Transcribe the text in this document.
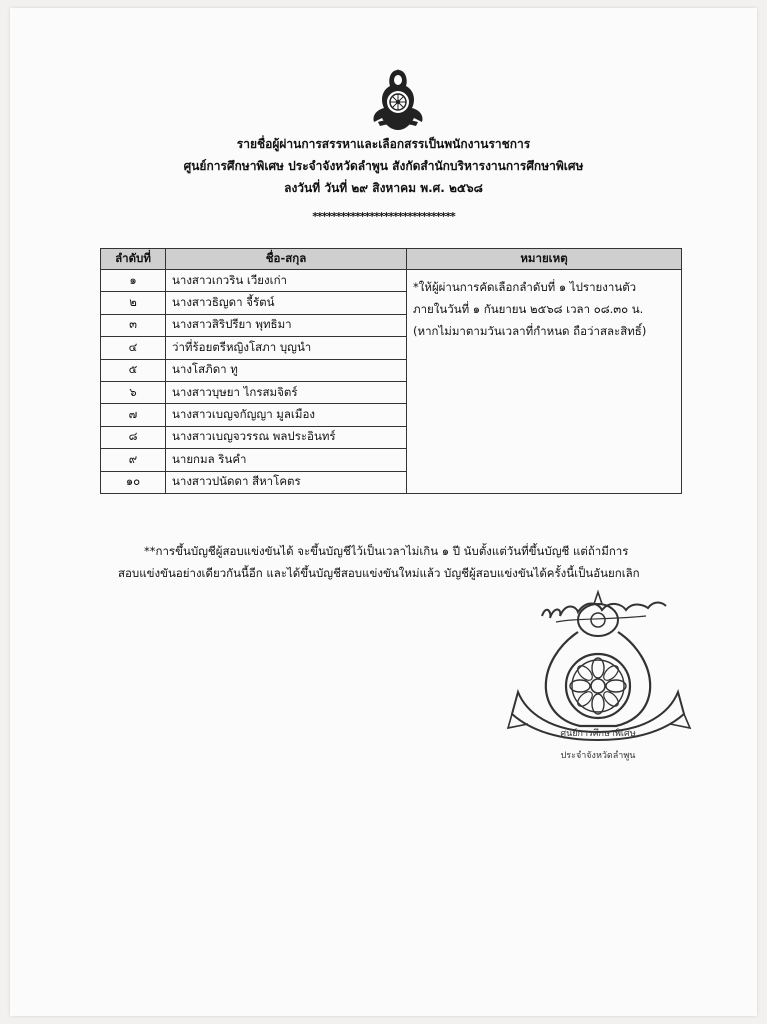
รายชื่อผู้ผ่านการสรรหาและเลือกสรรเป็นพนักงานราชการ
ศูนย์การศึกษาพิเศษ ประจำจังหวัดลำพูน สังกัดสำนักบริหารงานการศึกษาพิเศษ
ลงวันที่ วันที่ ๒๙ สิงหาคม พ.ศ. ๒๕๖๘
******************************
ลำดับที่	ชื่อ-สกุล	หมายเหตุ
๑	นางสาวเกวริน เวียงเก่า	*ให้ผู้ผ่านการคัดเลือกลำดับที่ ๑ ไปรายงานตัว
ภายในวันที่ ๑ กันยายน ๒๕๖๘ เวลา ๐๘.๓๐ น.
(หากไม่มาตามวันเวลาที่กำหนด ถือว่าสละสิทธิ์)

๒	นางสาวธิญดา จี้รัตน์	
๓	นางสาวสิริปรียา พุทธิมา	
๔	ว่าที่ร้อยตรีหญิงโสภา บุญนำ	
๕	นางโสภิดา ทู	
๖	นางสาวบุษยา ไกรสมจิตร์	
๗	นางสาวเบญจกัญญา มูลเมือง	
๘	นางสาวเบญจวรรณ พลประอินทร์	
๙	นายกมล รินคำ	
๑๐	นางสาวปนัดดา สีหาโคตร	
**การขึ้นบัญชีผู้สอบแข่งขันได้ จะขึ้นบัญชีไว้เป็นเวลาไม่เกิน ๑ ปี นับตั้งแต่วันที่ขึ้นบัญชี แต่ถ้ามีการ
สอบแข่งขันอย่างเดียวกันนี้อีก และได้ขึ้นบัญชีสอบแข่งขันใหม่แล้ว บัญชีผู้สอบแข่งขันได้ครั้งนี้เป็นอันยกเลิก
ศูนย์การศึกษาพิเศษ
ประจำจังหวัดลำพูน
